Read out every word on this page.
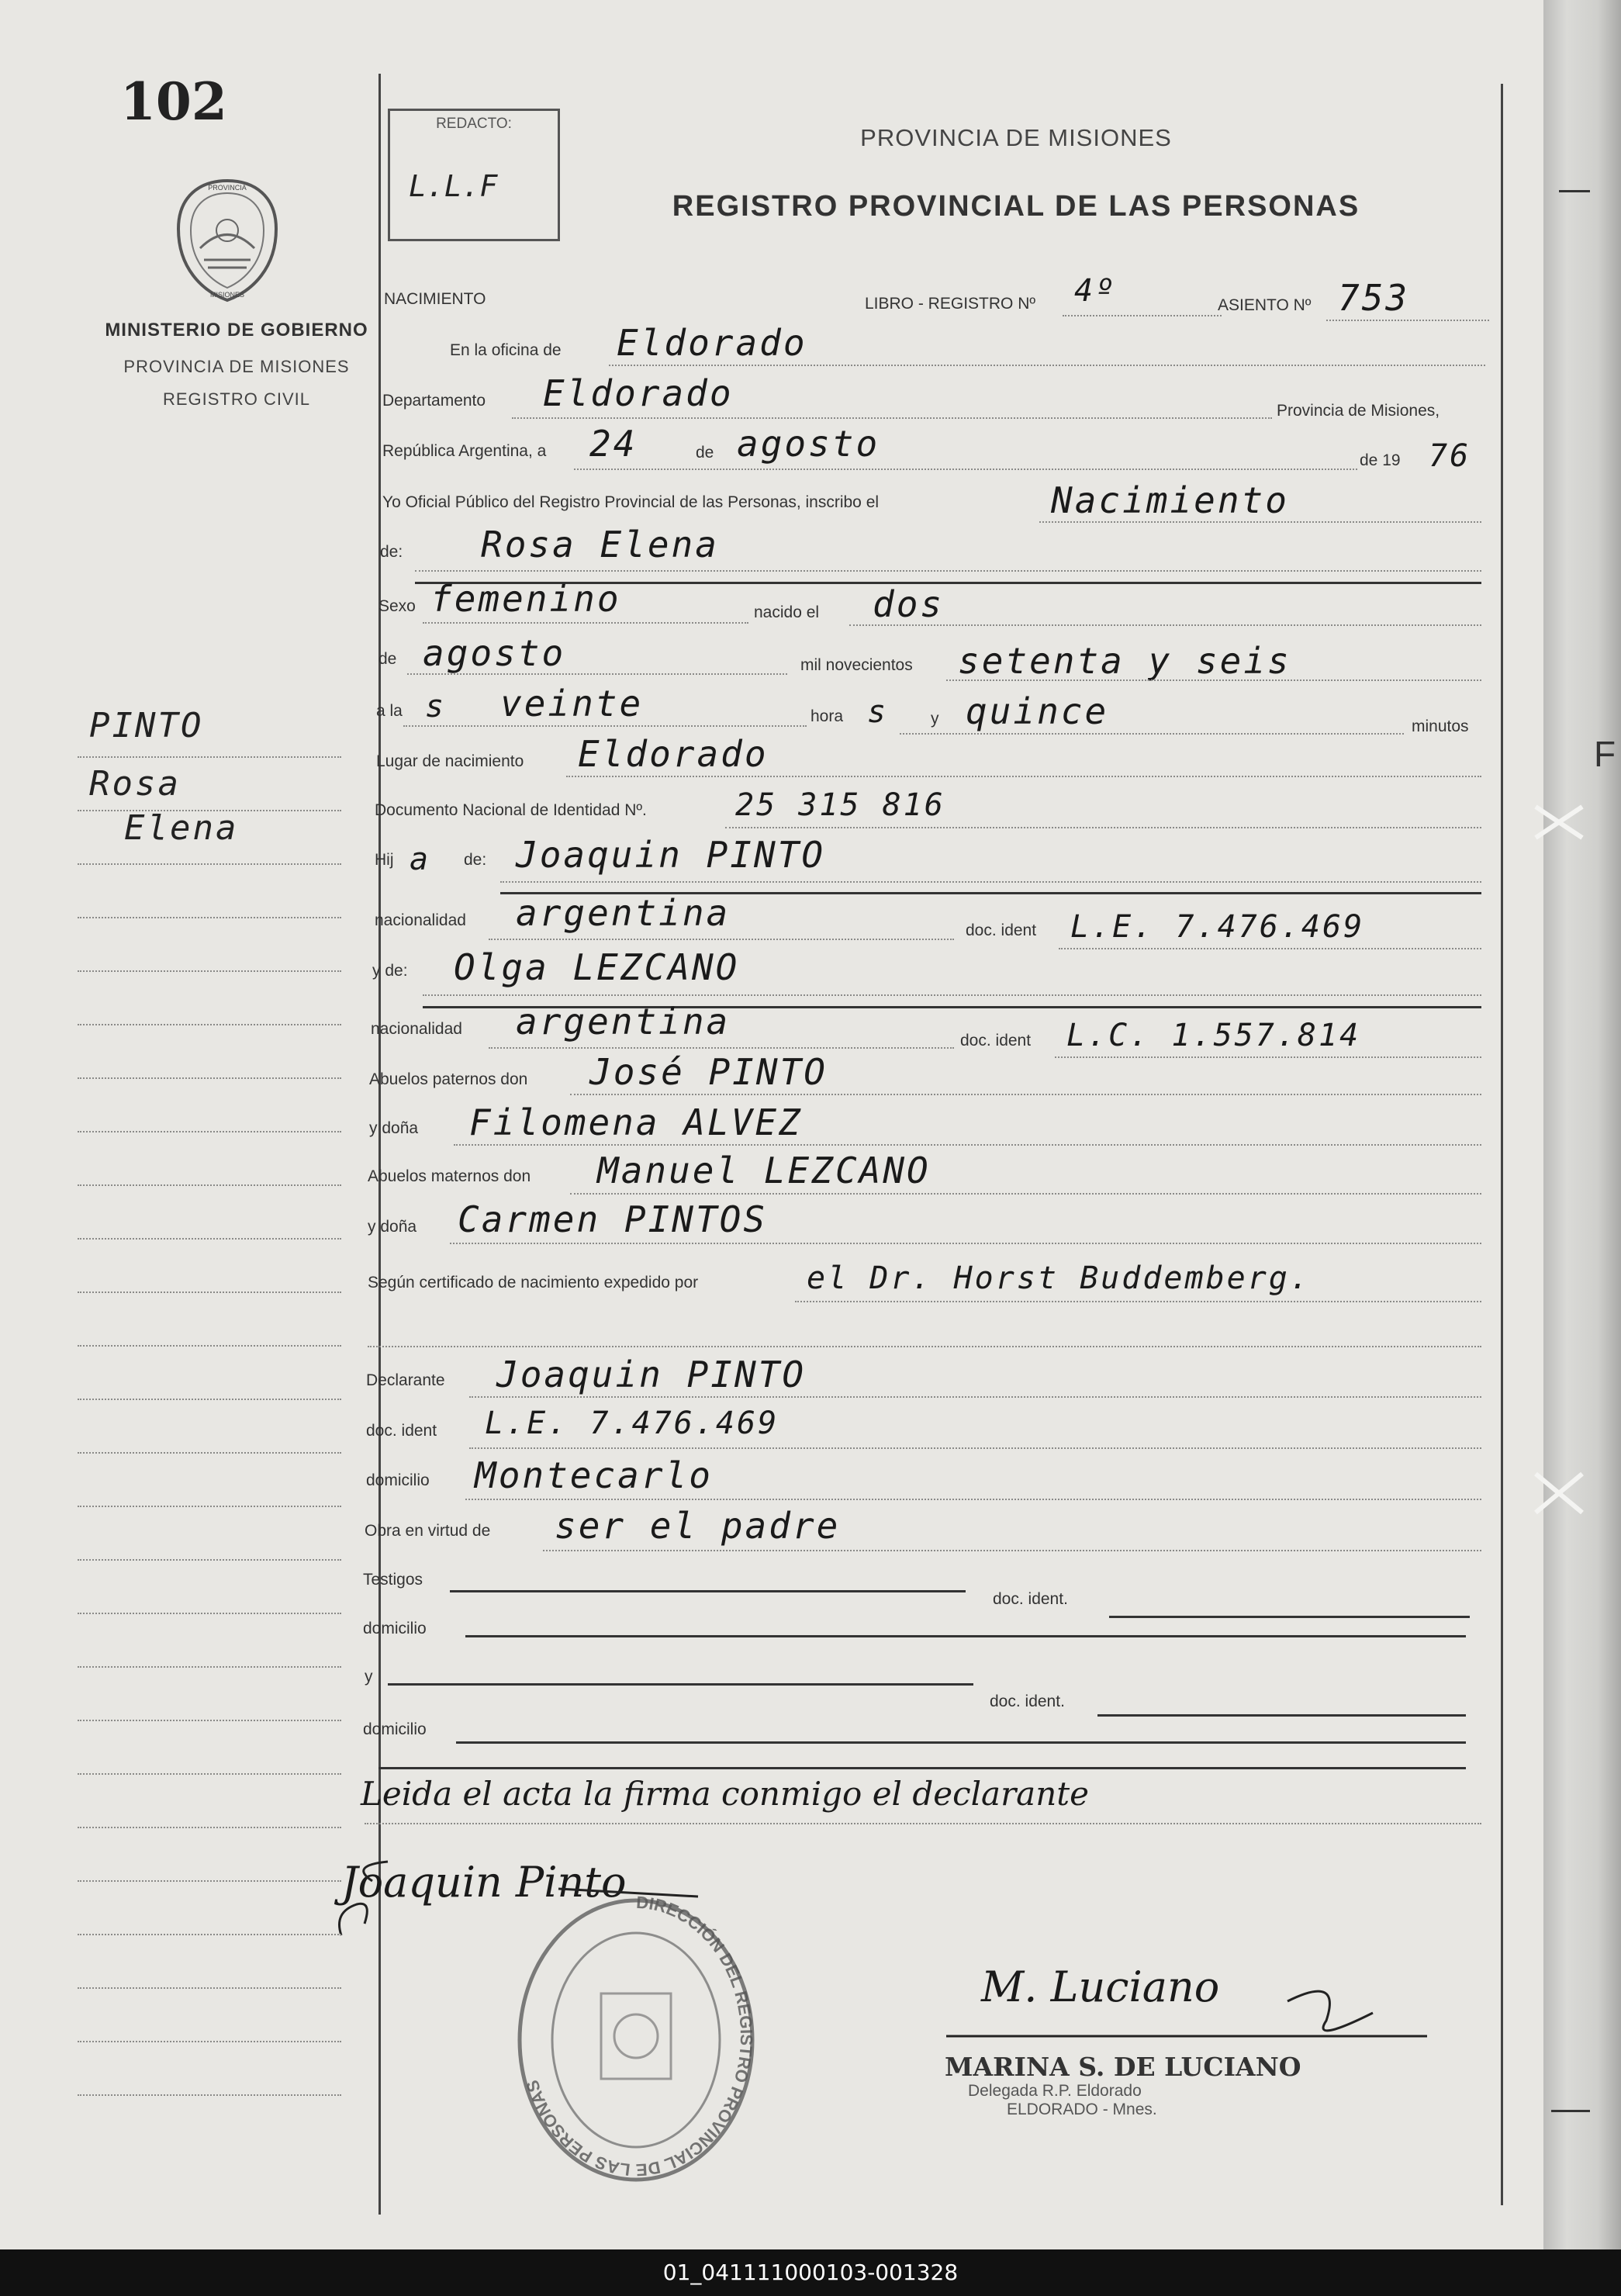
102
PROVINCIA
MISIONES
MINISTERIO DE GOBIERNO
PROVINCIA DE MISIONES
REGISTRO CIVIL
REDACTO:
L.L.F
PROVINCIA DE MISIONES
REGISTRO PROVINCIAL DE LAS PERSONAS
NACIMIENTO	LIBRO - REGISTRO Nº 4º	ASIENTO Nº 753
En la oficina de Eldorado
Departamento Eldorado	Provincia de Misiones,
República Argentina, a 24	de agosto	de 19 76
Yo Oficial Público del Registro Provincial de las Personas, inscribo el	Nacimiento
de: Rosa Elena
Sexo femenino	nacido el dos
de agosto	mil novecientos setenta y seis
a la s veinte	hora s	y quince	minutos
Lugar de nacimiento Eldorado
Documento Nacional de Identidad Nº.	25 315 816
Hij a de: Joaquin PINTO
nacionalidad argentina	doc. ident L.E. 7.476.469
y de: Olga LEZCANO
nacionalidad argentina	doc. ident L.C. 1.557.814
Abuelos paternos don José PINTO
y doña Filomena ALVEZ
Abuelos maternos don Manuel LEZCANO
y doña Carmen PINTOS
Según certificado de nacimiento expedido por	el Dr. Horst Buddemberg.
Declarante Joaquin PINTO
doc. ident L.E. 7.476.469
domicilio Montecarlo
Obra en virtud de ser el padre
Testigos
doc. ident.
domicilio
y
doc. ident.
domicilio
Leida el acta la firma conmigo el declarante
Joaquin Pinto
M. Luciano
DIRECCIÓN DEL REGISTRO PROVINCIAL DE LAS PERSONAS
MARINA S. DE LUCIANO
Delegada R.P. Eldorado
ELDORADO - Mnes.
PINTO
Rosa
Elena
F
01_041111000103-001328
